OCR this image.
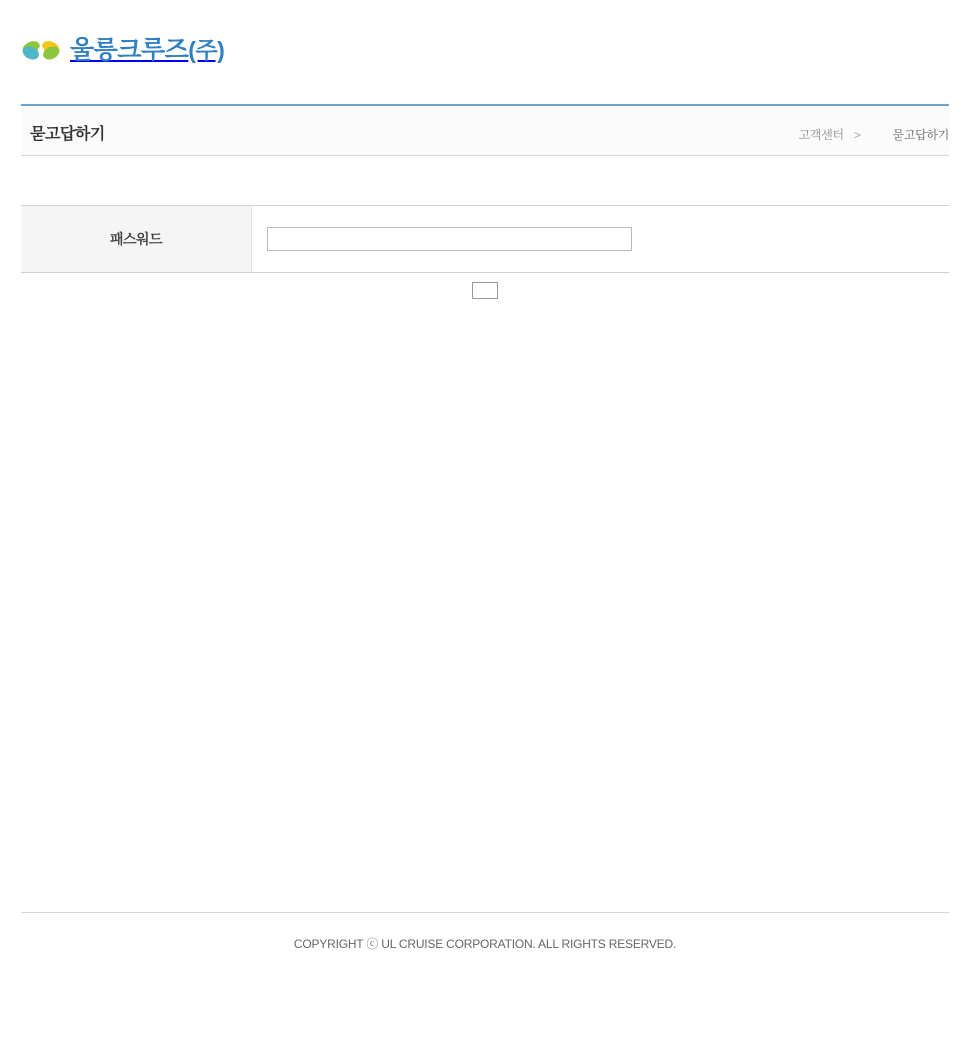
울릉크루즈(주)
묻고답하기	고객센터 >	묻고답하기
패스워드	
COPYRIGHT ⓒ UL CRUISE CORPORATION. ALL RIGHTS RESERVED.
